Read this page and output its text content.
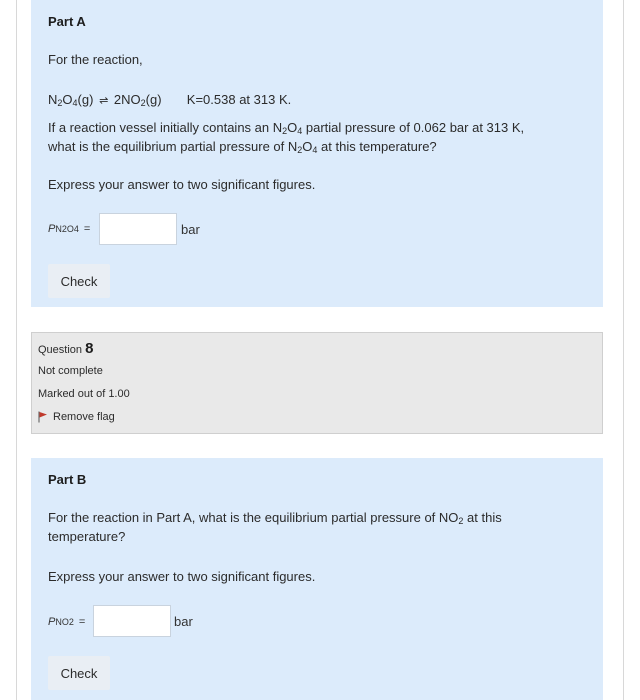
Part A
For the reaction,
$N_2O_4(g)$ ⇌ $2NO_2(g)$ K=0.538 at 313 K.
If a reaction vessel initially contains an $N_2O_4$ partial pressure of 0.062 bar at 313 K,
what is the equilibrium partial pressure of $N_2O_4$ at this temperature?
Express your answer to two significant figures.
PN2O4 =	bar
Check
Question 8
Not complete
Marked out of 1.00
Remove flag
Part B
For the reaction in Part A, what is the equilibrium partial pressure of $NO_2$ at this
temperature?
Express your answer to two significant figures.
PNO2 =	bar
Check
